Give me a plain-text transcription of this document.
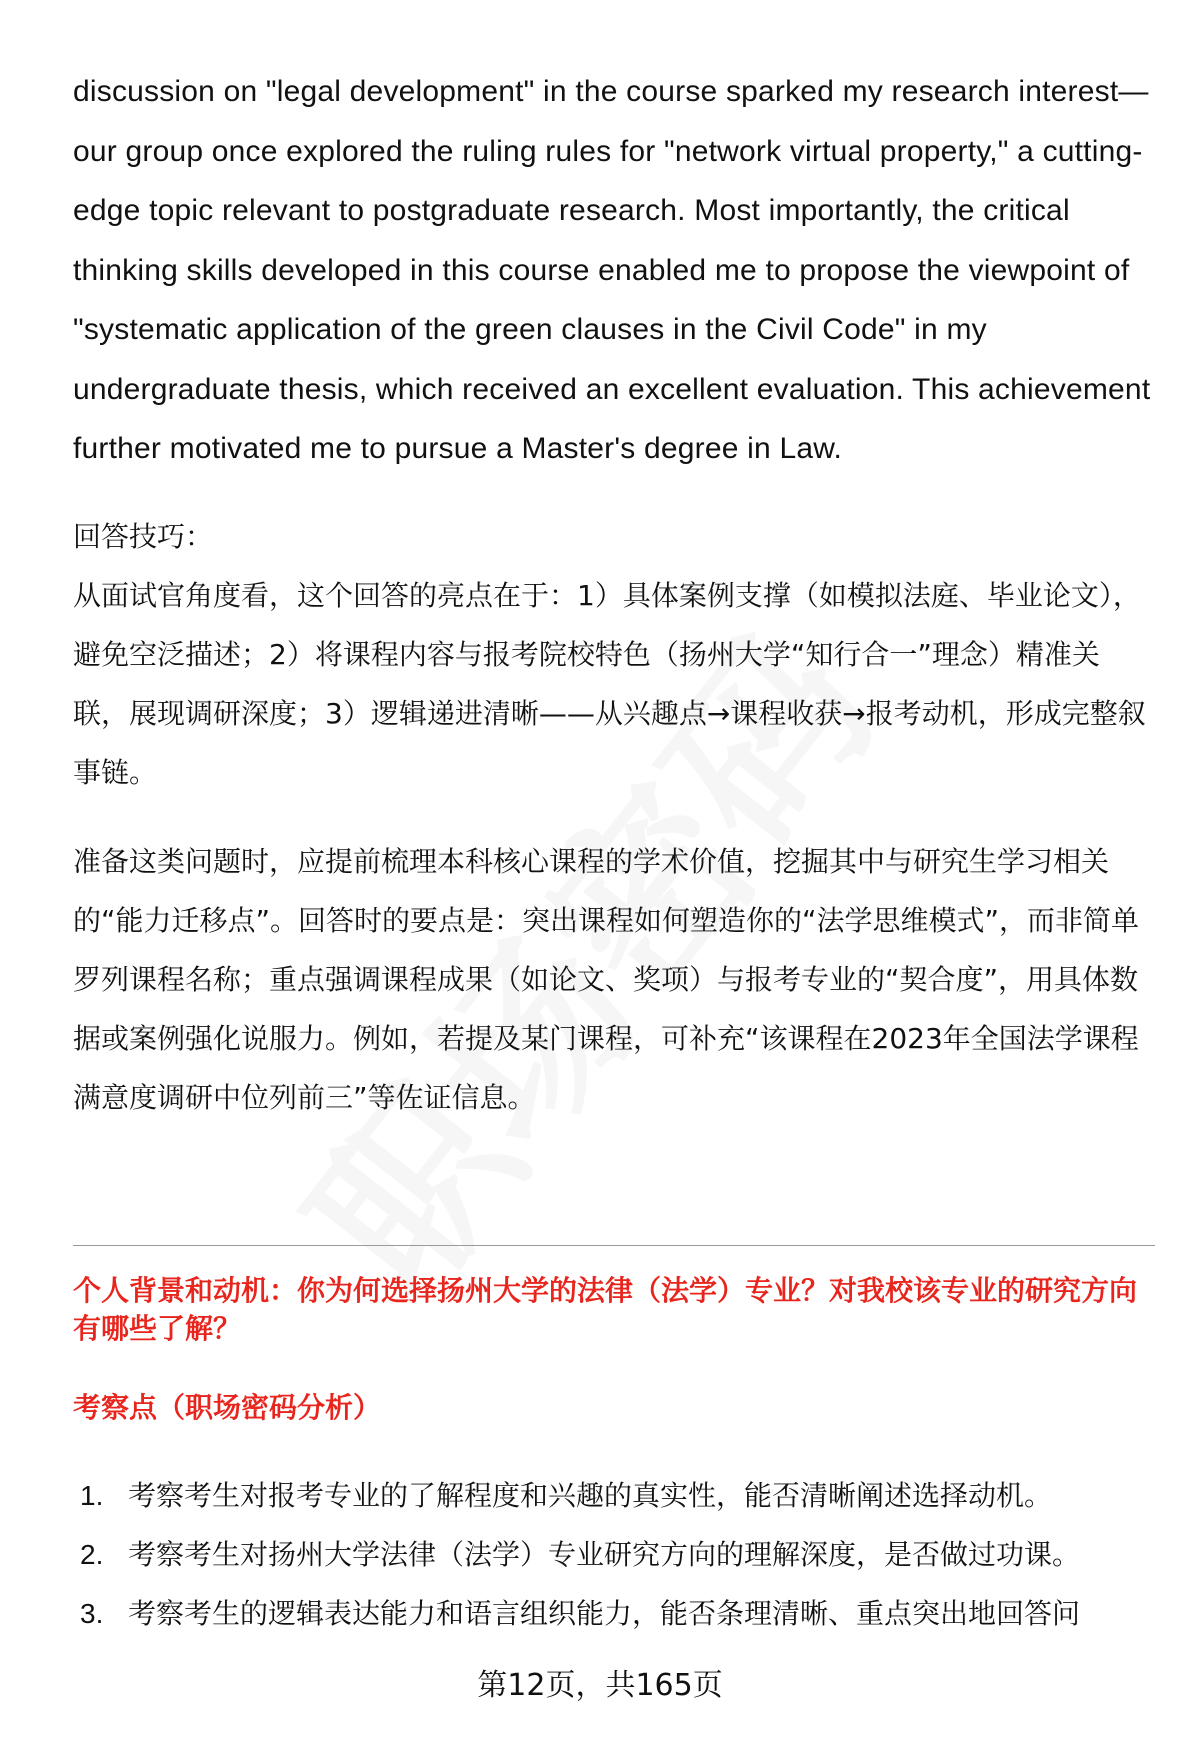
discussion on "legal development" in the course sparked my research interest—our group once explored the ruling rules for "network virtual property," a cutting-edge topic relevant to postgraduate research. Most importantly, the critical thinking skills developed in this course enabled me to propose the viewpoint of "systematic application of the green clauses in the Civil Code" in my undergraduate thesis, which received an excellent evaluation. This achievement further motivated me to pursue a Master's degree in Law.

回答技巧：

从面试官角度看，这个回答的亮点在于：1）具体案例支撑（如模拟法庭、毕业论文），避免空泛描述；2）将课程内容与报考院校特色（扬州大学“知行合一”理念）精准关联，展现调研深度；3）逻辑递进清晰——从兴趣点→课程收获→报考动机，形成完整叙事链。

准备这类问题时，应提前梳理本科核心课程的学术价值，挖掘其中与研究生学习相关的“能力迁移点”。回答时的要点是：突出课程如何塑造你的“法学思维模式”，而非简单罗列课程名称；重点强调课程成果（如论文、奖项）与报考专业的“契合度”，用具体数据或案例强化说服力。例如，若提及某门课程，可补充“该课程在2023年全国法学课程满意度调研中位列前三”等佐证信息。

个人背景和动机：你为何选择扬州大学的法律（法学）专业？对我校该专业的研究方向有哪些了解？

考察点（职场密码分析）

1. 考察考生对报考专业的了解程度和兴趣的真实性，能否清晰阐述选择动机。
2. 考察考生对扬州大学法律（法学）专业研究方向的理解深度，是否做过功课。
3. 考察考生的逻辑表达能力和语言组织能力，能否条理清晰、重点突出地回答问
第12页，共165页
